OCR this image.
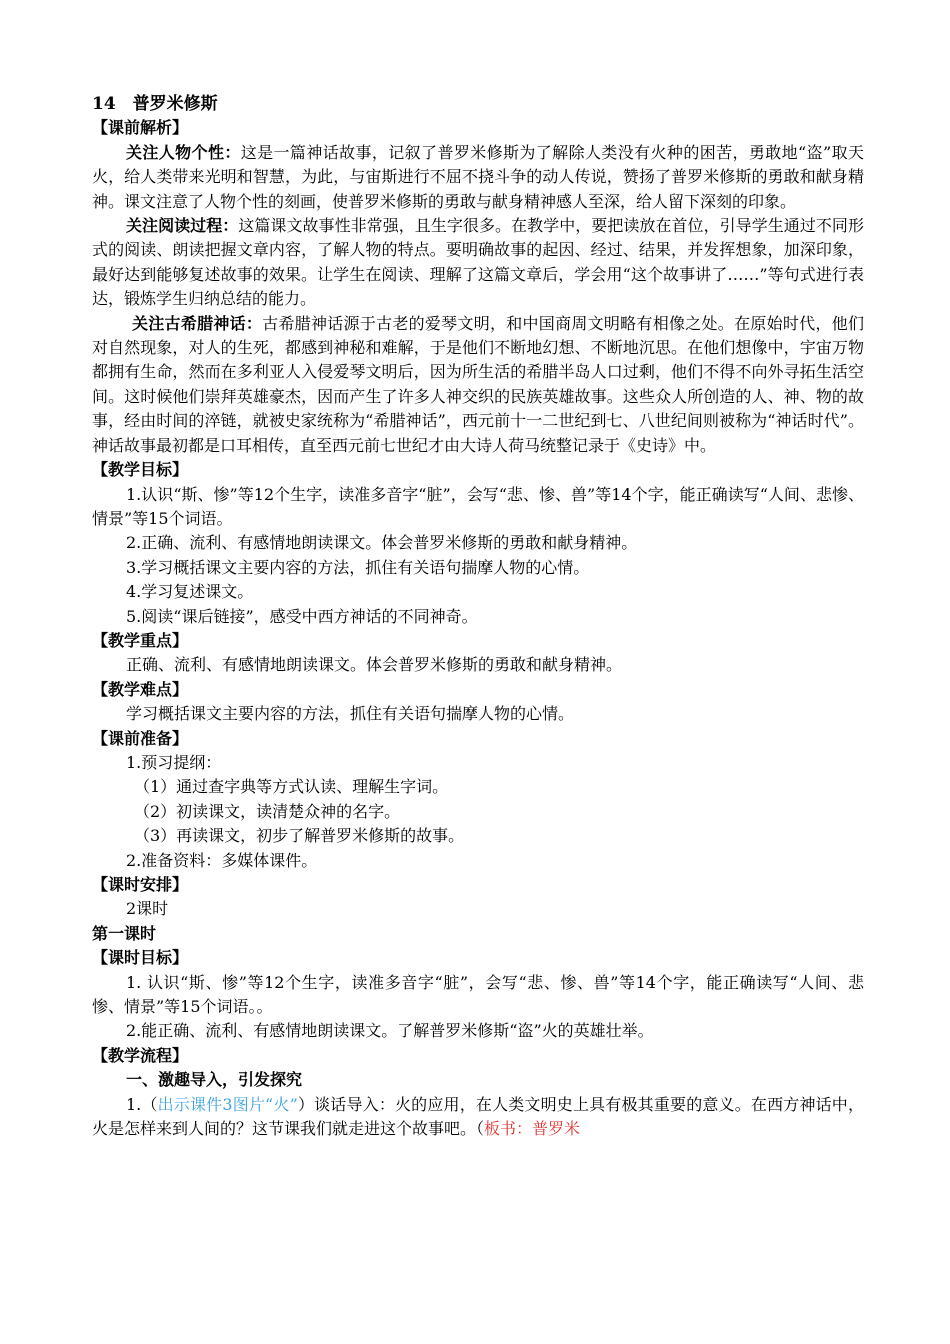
14　普罗米修斯

【课前解析】

关注人物个性：这是一篇神话故事，记叙了普罗米修斯为了解除人类没有火种的困苦，勇敢地“盗”取天火，给人类带来光明和智慧，为此，与宙斯进行不屈不挠斗争的动人传说，赞扬了普罗米修斯的勇敢和献身精神。课文注意了人物个性的刻画，使普罗米修斯的勇敢与献身精神感人至深，给人留下深刻的印象。

关注阅读过程：这篇课文故事性非常强，且生字很多。在教学中，要把读放在首位，引导学生通过不同形式的阅读、朗读把握文章内容，了解人物的特点。要明确故事的起因、经过、结果，并发挥想象，加深印象，最好达到能够复述故事的效果。让学生在阅读、理解了这篇文章后，学会用“这个故事讲了……”等句式进行表达，锻炼学生归纳总结的能力。

关注古希腊神话：古希腊神话源于古老的爱琴文明，和中国商周文明略有相像之处。在原始时代，他们对自然现象，对人的生死，都感到神秘和难解，于是他们不断地幻想、不断地沉思。在他们想像中，宇宙万物都拥有生命，然而在多利亚人入侵爱琴文明后，因为所生活的希腊半岛人口过剩，他们不得不向外寻拓生活空间。这时候他们崇拜英雄豪杰，因而产生了许多人神交织的民族英雄故事。这些众人所创造的人、神、物的故事，经由时间的淬链，就被史家统称为“希腊神话”，西元前十一二世纪到七、八世纪间则被称为“神话时代”。神话故事最初都是口耳相传，直至西元前七世纪才由大诗人荷马统整记录于《史诗》中。

【教学目标】

1.认识“斯、惨”等12个生字，读准多音字“脏”，会写“悲、惨、兽”等14个字，能正确读写“人间、悲惨、情景”等15个词语。

2.正确、流利、有感情地朗读课文。体会普罗米修斯的勇敢和献身精神。

3.学习概括课文主要内容的方法，抓住有关语句揣摩人物的心情。

4.学习复述课文。

5.阅读“课后链接”，感受中西方神话的不同神奇。

【教学重点】

正确、流利、有感情地朗读课文。体会普罗米修斯的勇敢和献身精神。

【教学难点】

学习概括课文主要内容的方法，抓住有关语句揣摩人物的心情。

【课前准备】

1.预习提纲：

（1）通过查字典等方式认读、理解生字词。

（2）初读课文，读清楚众神的名字。

（3）再读课文，初步了解普罗米修斯的故事。

2.准备资料：多媒体课件。

【课时安排】

2课时

第一课时

【课时目标】

1. 认识“斯、惨”等12个生字，读准多音字“脏”，会写“悲、惨、兽”等14个字，能正确读写“人间、悲惨、情景”等15个词语。。

2.能正确、流利、有感情地朗读课文。了解普罗米修斯“盗”火的英雄壮举。

【教学流程】

一、激趣导入，引发探究

1.（出示课件3图片“火”）谈话导入：火的应用，在人类文明史上具有极其重要的意义。在西方神话中，火是怎样来到人间的？这节课我们就走进这个故事吧。（板书：普罗米
